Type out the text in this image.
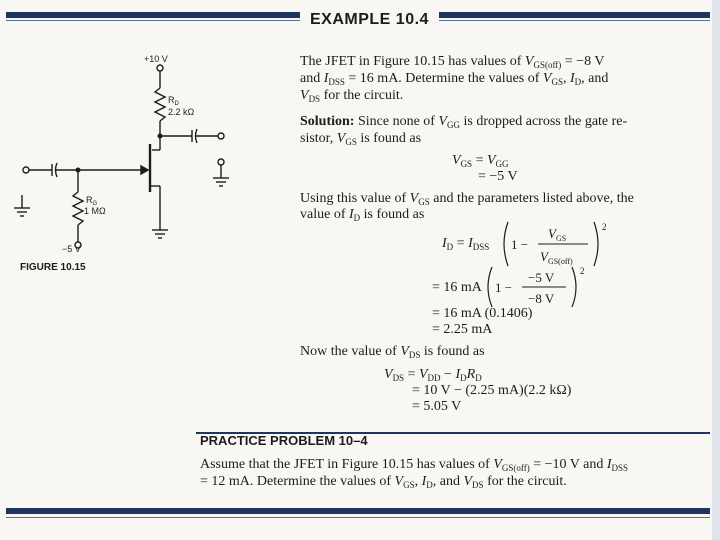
EXAMPLE 10.4
+10 V
$R_D$
2.2 kΩ
$R_G$
1 MΩ
−5 V
FIGURE 10.15
The JFET in Figure 10.15 has values of $V_{GS(off)} = -8$ V
and $I_{DSS} = 16$ mA. Determine the values of $V_{GS}$, $I_D$, and
$V_{DS}$ for the circuit.
Solution: Since none of $V_{GG}$ is dropped across the gate re-
sistor, $V_{GS}$ is found as
$V_{GS} = V_{GG}$
= −5 V
Using this value of $V_{GS}$ and the parameters listed above, the
value of $I_D$ is found as
$I_D = I_{DSS}$ 1 −
$V_{GS}$
$V_{GS(off)}$
2
= 16 mA 1 −
−5 V
−8 V
2
= 16 mA (0.1406)
= 2.25 mA
Now the value of $V_{DS}$ is found as
$V_{DS} = V_{DD} - I_DR_D$
= 10 V − (2.25 mA)(2.2 kΩ)
= 5.05 V
PRACTICE PROBLEM 10–4
Assume that the JFET in Figure 10.15 has values of $V_{GS(off)} = -10$ V and $I_{DSS}$
= 12 mA. Determine the values of $V_{GS}$, $I_D$, and $V_{DS}$ for the circuit.
